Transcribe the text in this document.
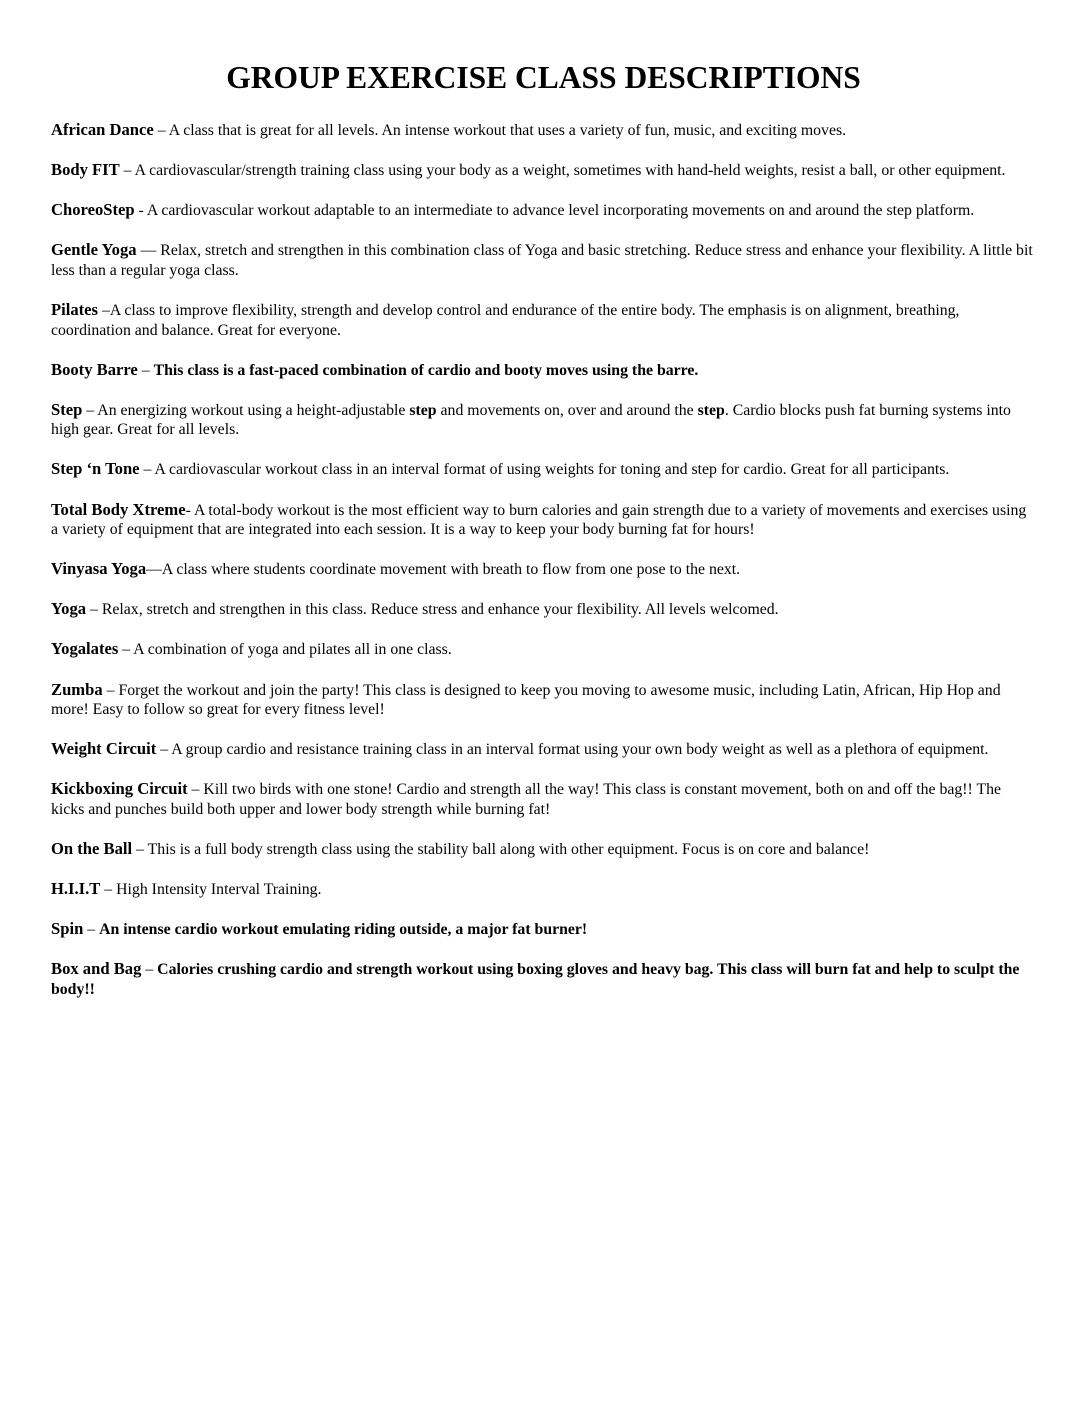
GROUP EXERCISE CLASS DESCRIPTIONS

African Dance – A class that is great for all levels. An intense workout that uses a variety of fun, music, and exciting moves.

Body FIT – A cardiovascular/strength training class using your body as a weight, sometimes with hand-held weights, resist a ball, or other equipment.

ChoreoStep - A cardiovascular workout adaptable to an intermediate to advance level incorporating movements on and around the step platform.

Gentle Yoga — Relax, stretch and strengthen in this combination class of Yoga and basic stretching. Reduce stress and enhance your flexibility. A little bit less than a regular yoga class.

Pilates –A class to improve flexibility, strength and develop control and endurance of the entire body. The emphasis is on alignment, breathing, coordination and balance. Great for everyone.

Booty Barre – This class is a fast-paced combination of cardio and booty moves using the barre.

Step – An energizing workout using a height-adjustable step and movements on, over and around the step. Cardio blocks push fat burning systems into high gear. Great for all levels.

Step ‘n Tone – A cardiovascular workout class in an interval format of using weights for toning and step for cardio. Great for all participants.

Total Body Xtreme- A total-body workout is the most efficient way to burn calories and gain strength due to a variety of movements and exercises using a variety of equipment that are integrated into each session. It is a way to keep your body burning fat for hours!

Vinyasa Yoga—A class where students coordinate movement with breath to flow from one pose to the next.

Yoga – Relax, stretch and strengthen in this class. Reduce stress and enhance your flexibility. All levels welcomed.

Yogalates – A combination of yoga and pilates all in one class.

Zumba – Forget the workout and join the party! This class is designed to keep you moving to awesome music, including Latin, African, Hip Hop and more! Easy to follow so great for every fitness level!

Weight Circuit – A group cardio and resistance training class in an interval format using your own body weight as well as a plethora of equipment.

Kickboxing Circuit – Kill two birds with one stone! Cardio and strength all the way! This class is constant movement, both on and off the bag!! The kicks and punches build both upper and lower body strength while burning fat!

On the Ball – This is a full body strength class using the stability ball along with other equipment. Focus is on core and balance!

H.I.I.T – High Intensity Interval Training.

Spin – An intense cardio workout emulating riding outside, a major fat burner!

Box and Bag – Calories crushing cardio and strength workout using boxing gloves and heavy bag. This class will burn fat and help to sculpt the body!!
